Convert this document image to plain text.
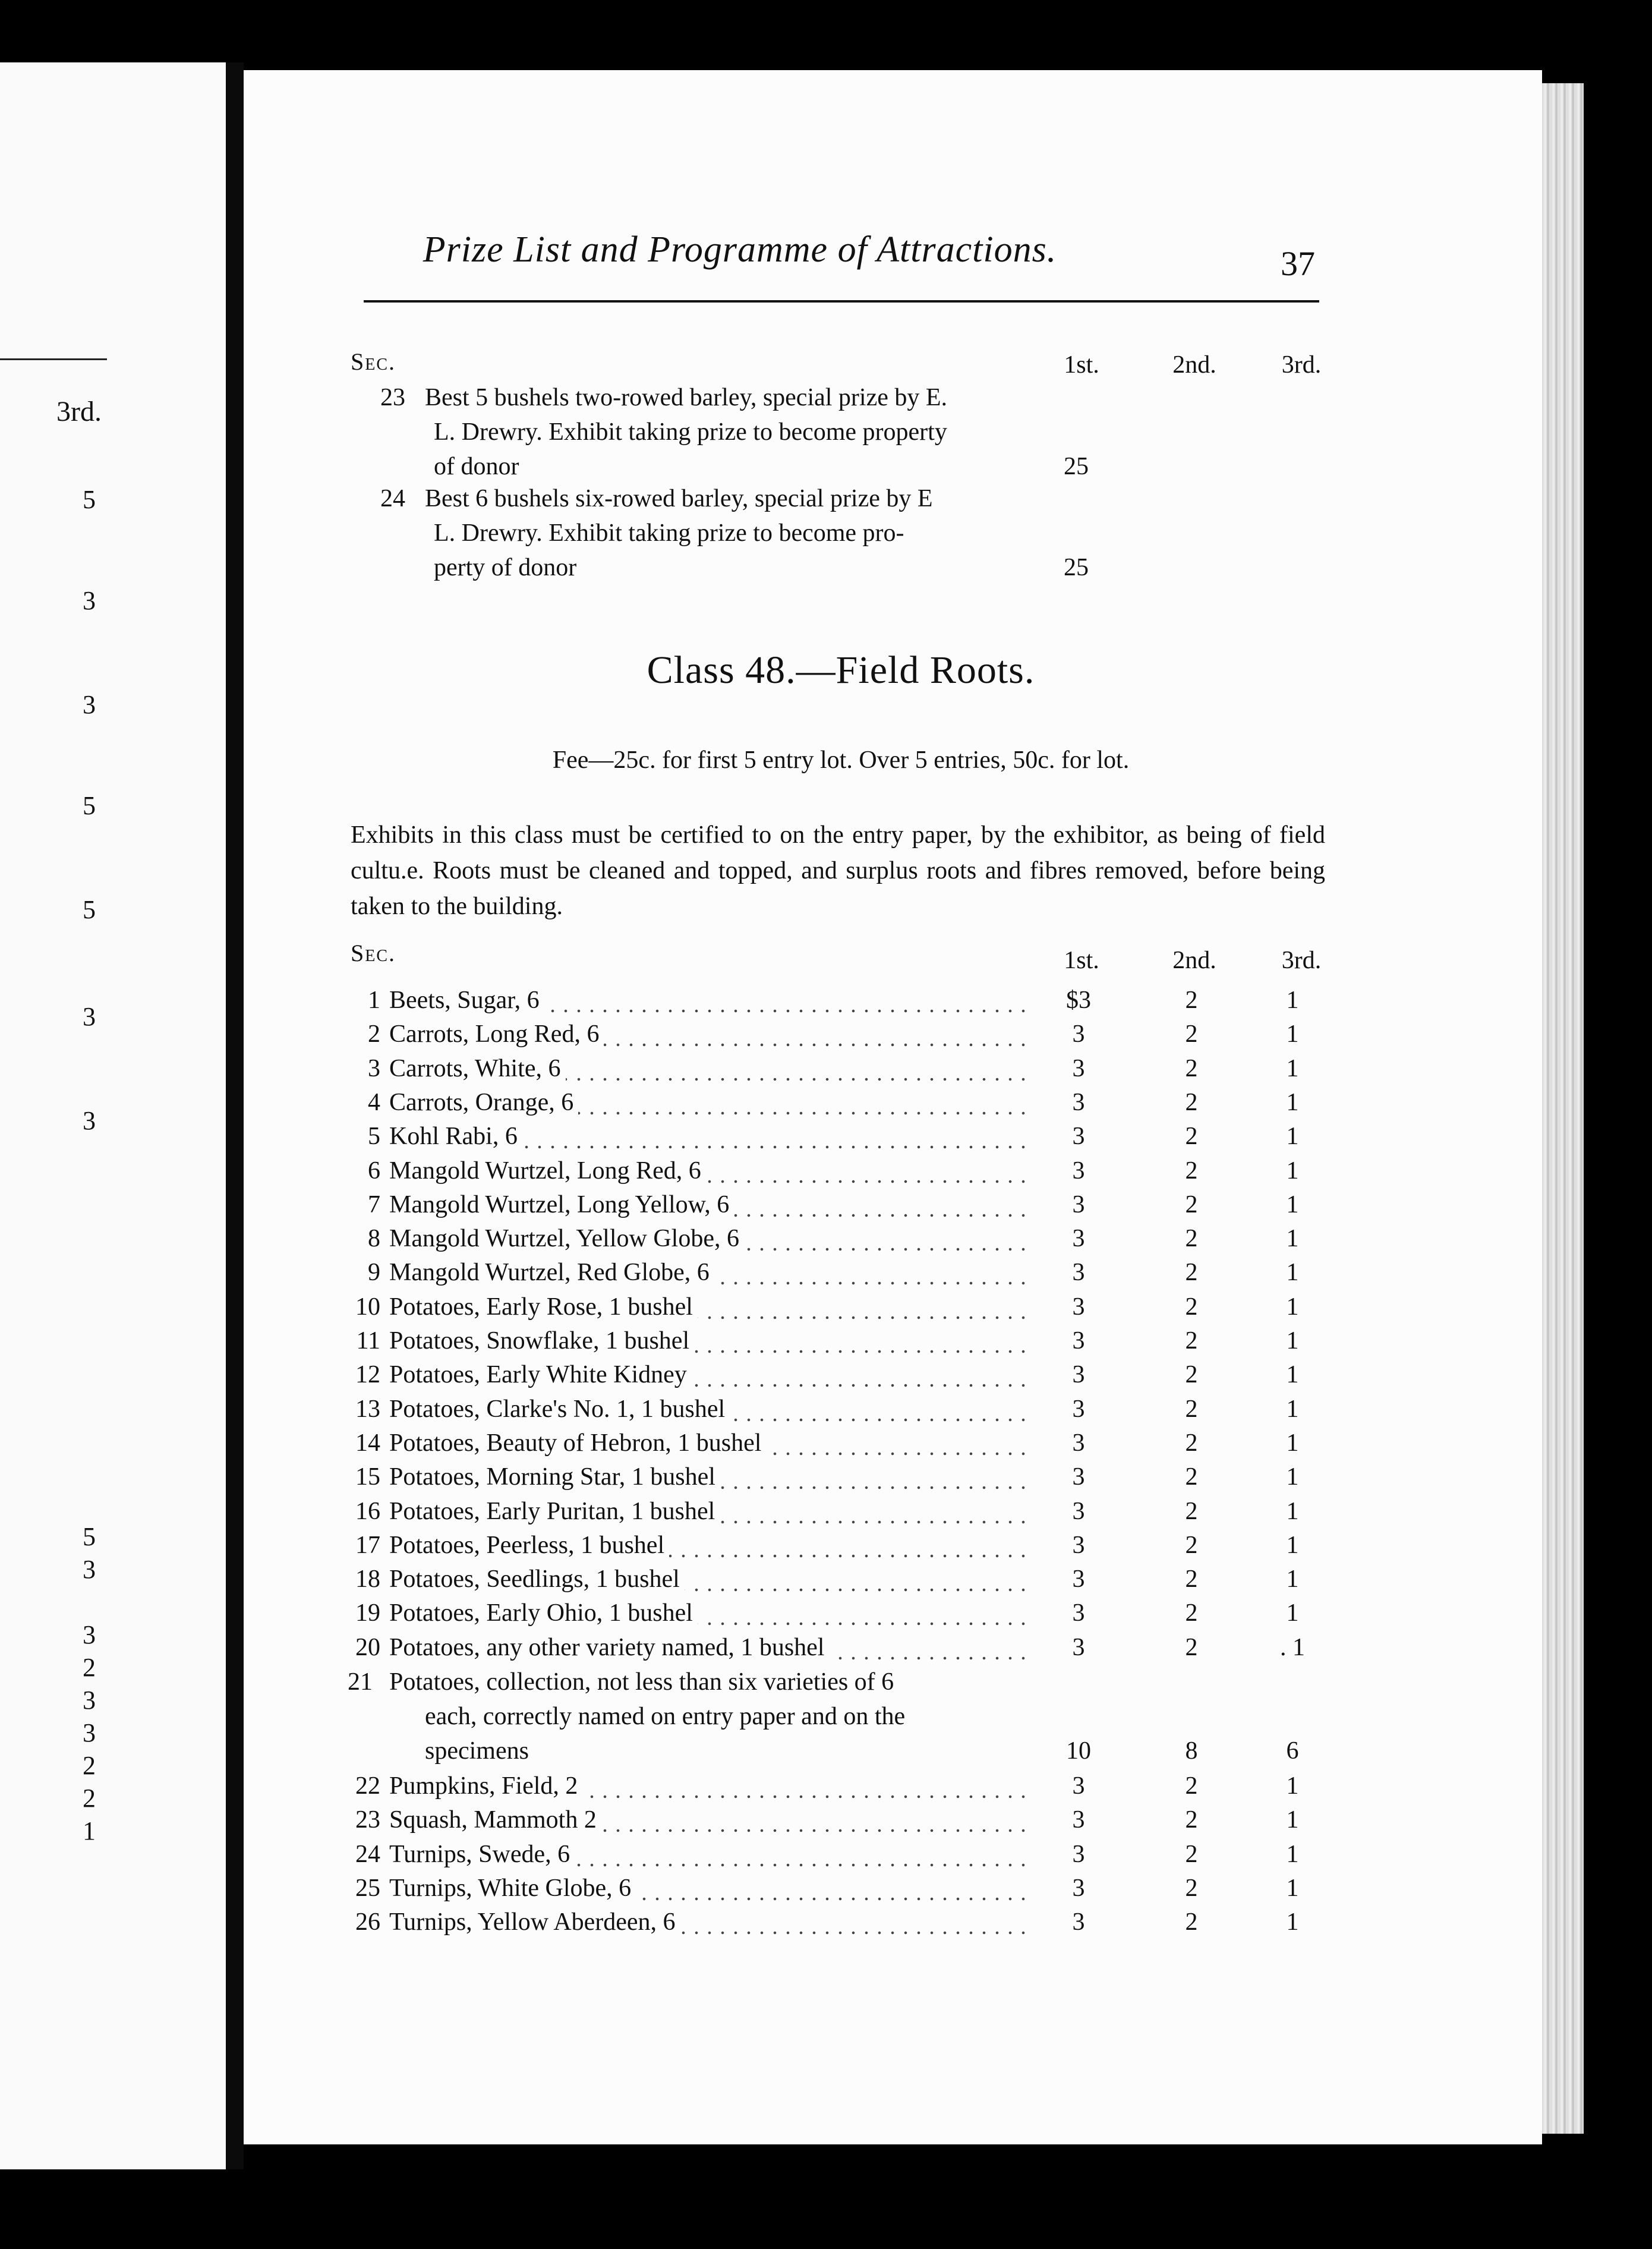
3rd.
5
3
3
5
5
3
3
5
3
3
2
3
3
2
2
1
Prize List and Programme of Attractions.	37
Sec.	1st.	2nd.	3rd.
23 Best 5 bushels two-rowed barley, special prize by E.
L. Drewry. Exhibit taking prize to become property
of donor	25
24 Best 6 bushels six-rowed barley, special prize by E
L. Drewry. Exhibit taking prize to become pro-
perty of donor	25
Class 48.—Field Roots.
Fee—25c. for first 5 entry lot. Over 5 entries, 50c. for lot.
Exhibits in this class must be certified to on the entry paper, by the exhibitor, as being of field cultu.e. Roots must be cleaned and topped, and surplus roots and fibres removed, before being taken to the building.
Sec.	1st.	2nd.	3rd.
1 Beets, Sugar, 6	$3	2	1
2 Carrots, Long Red, 6	3	2	1
3 Carrots, White, 6	3	2	1
4 Carrots, Orange, 6	3	2	1
5 Kohl Rabi, 6	3	2	1
6 Mangold Wurtzel, Long Red, 6	3	2	1
7 Mangold Wurtzel, Long Yellow, 6	3	2	1
8 Mangold Wurtzel, Yellow Globe, 6	3	2	1
9 Mangold Wurtzel, Red Globe, 6	3	2	1
10 Potatoes, Early Rose, 1 bushel	3	2	1
11 Potatoes, Snowflake, 1 bushel	3	2	1
12 Potatoes, Early White Kidney	3	2	1
13 Potatoes, Clarke's No. 1, 1 bushel	3	2	1
14 Potatoes, Beauty of Hebron, 1 bushel	3	2	1
15 Potatoes, Morning Star, 1 bushel	3	2	1
16 Potatoes, Early Puritan, 1 bushel	3	2	1
17 Potatoes, Peerless, 1 bushel	3	2	1
18 Potatoes, Seedlings, 1 bushel	3	2	1
19 Potatoes, Early Ohio, 1 bushel	3	2	1
20 Potatoes, any other variety named, 1 bushel	3	2	. 1
21 Potatoes, collection, not less than six varieties of 6
each, correctly named on entry paper and on the
specimens	10	8	6
22 Pumpkins, Field, 2	3	2	1
23 Squash, Mammoth 2	3	2	1
24 Turnips, Swede, 6	3	2	1
25 Turnips, White Globe, 6	3	2	1
26 Turnips, Yellow Aberdeen, 6	3	2	1
